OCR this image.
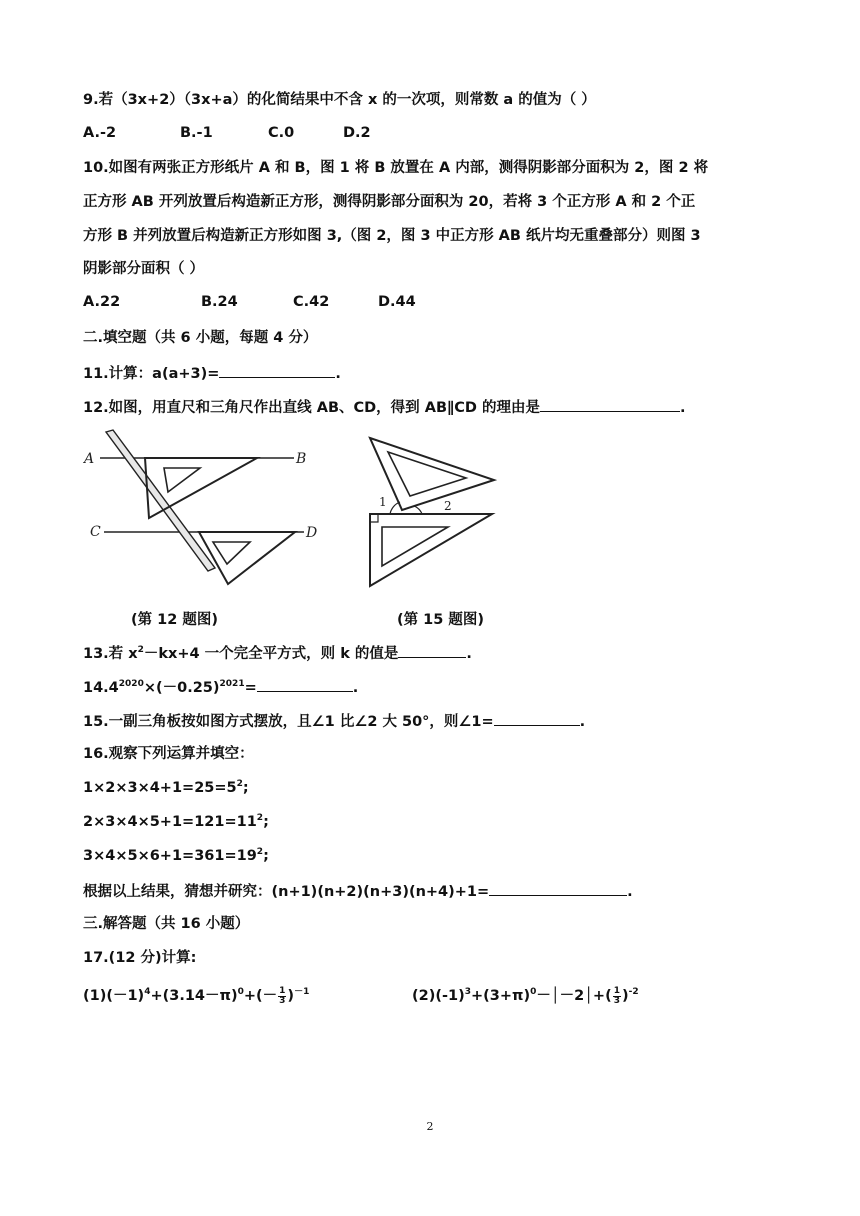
9.若（3x+2）（3x+a）的化简结果中不含 x 的一次项，则常数 a 的值为（ ）
A.-2	B.-1	C.0	D.2
10.如图有两张正方形纸片 A 和 B，图 1 将 B 放置在 A 内部，测得阴影部分面积为 2，图 2 将
正方形 AB 开列放置后构造新正方形，测得阴影部分面积为 20，若将 3 个正方形 A 和 2 个正
方形 B 并列放置后构造新正方形如图 3,（图 2，图 3 中正方形 AB 纸片均无重叠部分）则图 3
阴影部分面积（ ）
A.22	B.24	C.42	D.44
二.填空题（共 6 小题，每题 4 分）
11.计算：a(a+3)=	.
12.如图，用直尺和三角尺作出直线 AB、CD，得到 AB∥CD 的理由是	.
A	B
C	D
1	2
(第 12 题图)	(第 15 题图)
13.若 $x^2-kx+4$ 一个完全平方式，则 k 的值是	.
$14.4^{2020}\times(-0.25)^{2021}=$	.
15.一副三角板按如图方式摆放，且∠1 比∠2 大 50°，则∠1=	.
16.观察下列运算并填空：
$1\times 2\times 3\times 4+1=25=5^2$;
$2\times 3\times 4\times 5+1=121=11^2$;
$3\times 4\times 5\times 6+1=361=19^2$;
根据以上结果，猜想并研究：(n+1)(n+2)(n+3)(n+4)+1=	.
三.解答题（共 16 小题）
17.(12 分)计算:
$(1)(-1)^4+(3.14-\pi)^0+(- \frac{1}{3} )^{-1}$	$(2)(-1)^3+(3+\pi)^0-│-2│+( \frac{1}{3} )^{-2}$
2
